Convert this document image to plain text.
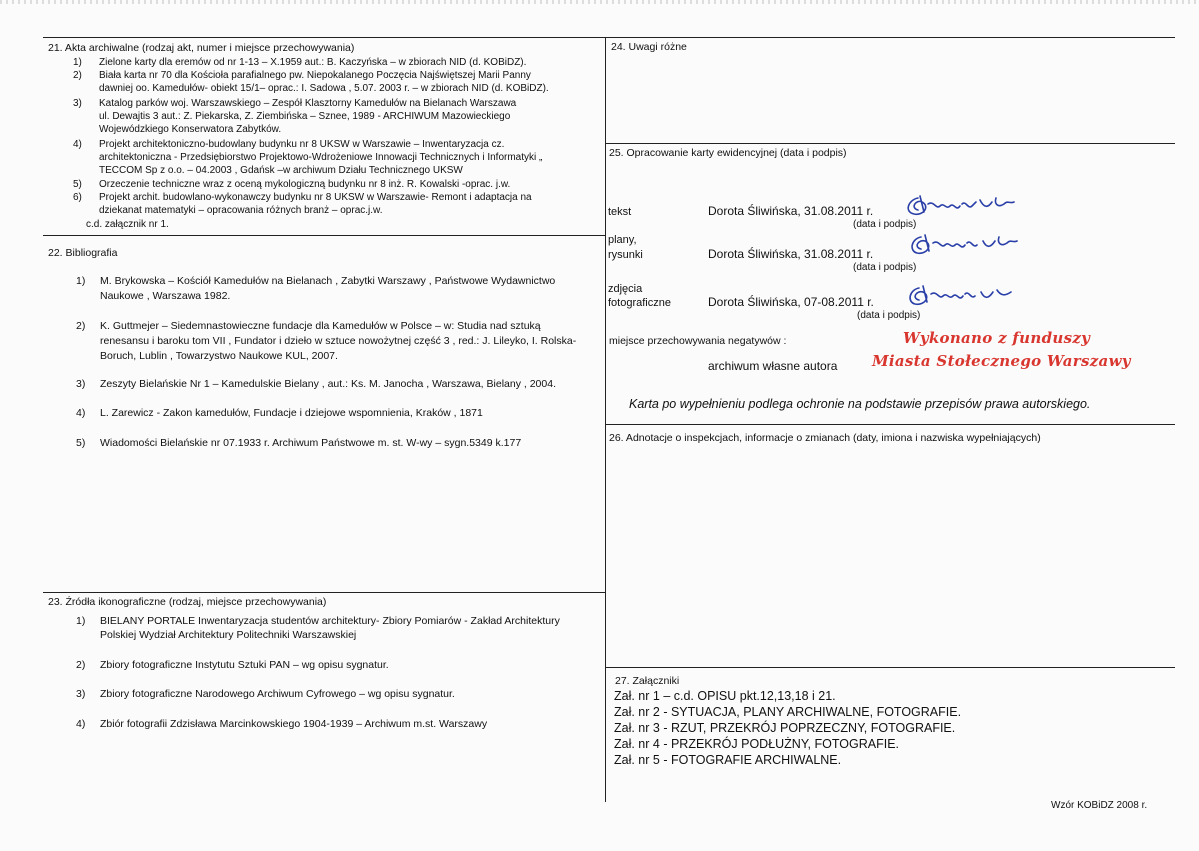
21. Akta archiwalne (rodzaj akt, numer i miejsce przechowywania)
1) Zielone karty dla eremów od nr 1-13 – X.1959 aut.: B. Kaczyńska – w zbiorach NID (d. KOBiDZ).
2) Biała karta nr 70 dla Kościoła parafialnego pw. Niepokalanego Poczęcia Najświętszej Marii Panny
dawniej oo. Kamedułów- obiekt 15/1– oprac.: I. Sadowa , 5.07. 2003 r. – w zbiorach NID (d. KOBiDZ).
3) Katalog parków woj. Warszawskiego – Zespół Klasztorny Kamedułów na Bielanach Warszawa
ul. Dewajtis 3 aut.: Z. Piekarska, Z. Ziembińska – Sznee, 1989 - ARCHIWUM Mazowieckiego
Wojewódzkiego Konserwatora Zabytków.
4) Projekt architektoniczno-budowlany budynku nr 8 UKSW w Warszawie – Inwentaryzacja cz.
architektoniczna - Przedsiębiorstwo Projektowo-Wdrożeniowe Innowacji Technicznych i Informatyki „
TECCOM Sp z o.o. – 04.2003 , Gdańsk –w archiwum Działu Technicznego UKSW
5) Orzeczenie techniczne wraz z oceną mykologiczną budynku nr 8 inż. R. Kowalski -oprac. j.w.
6) Projekt archit. budowlano-wykonawczy budynku nr 8 UKSW w Warszawie- Remont i adaptacja na
dziekanat matematyki – opracowania różnych branż – oprac.j.w.
c.d. załącznik nr 1.
22. Bibliografia
1) M. Brykowska – Kościół Kamedułów na Bielanach , Zabytki Warszawy , Państwowe Wydawnictwo
Naukowe , Warszawa 1982.
2) K. Guttmejer – Siedemnastowieczne fundacje dla Kamedułów w Polsce – w: Studia nad sztuką
renesansu i baroku tom VII , Fundator i dzieło w sztuce nowożytnej część 3 , red.: J. Lileyko, I. Rolska-
Boruch, Lublin , Towarzystwo Naukowe KUL, 2007.
3) Zeszyty Bielańskie Nr 1 – Kamedulskie Bielany , aut.: Ks. M. Janocha , Warszawa, Bielany , 2004.
4) L. Zarewicz - Zakon kamedułów, Fundacje i dziejowe wspomnienia, Kraków , 1871
5) Wiadomości Bielańskie nr 07.1933 r. Archiwum Państwowe m. st. W-wy – sygn.5349 k.177
23. Źródła ikonograficzne (rodzaj, miejsce przechowywania)
1) BIELANY PORTALE Inwentaryzacja studentów architektury- Zbiory Pomiarów - Zakład Architektury
Polskiej Wydział Architektury Politechniki Warszawskiej
2) Zbiory fotograficzne Instytutu Sztuki PAN – wg opisu sygnatur.
3) Zbiory fotograficzne Narodowego Archiwum Cyfrowego – wg opisu sygnatur.
4) Zbiór fotografii Zdzisława Marcinkowskiego 1904-1939 – Archiwum m.st. Warszawy
24. Uwagi różne
25. Opracowanie karty ewidencyjnej (data i podpis)
tekst	Dorota Śliwińska, 31.08.2011 r.
(data i podpis)
plany,
rysunki	Dorota Śliwińska, 31.08.2011 r.
(data i podpis)
zdjęcia
fotograficzne	Dorota Śliwińska, 07-08.2011 r.
(data i podpis)
miejsce przechowywania negatywów :
archiwum własne autora
Wykonano z funduszy
Miasta Stołecznego Warszawy
Karta po wypełnieniu podlega ochronie na podstawie przepisów prawa autorskiego.
26. Adnotacje o inspekcjach, informacje o zmianach (daty, imiona i nazwiska wypełniających)
27. Załączniki
Zał. nr 1 – c.d. OPISU pkt.12,13,18 i 21.
Zał. nr 2 - SYTUACJA, PLANY ARCHIWALNE, FOTOGRAFIE.
Zał. nr 3 - RZUT, PRZEKRÓJ POPRZECZNY, FOTOGRAFIE.
Zał. nr 4 - PRZEKRÓJ PODŁUŻNY, FOTOGRAFIE.
Zał. nr 5 - FOTOGRAFIE ARCHIWALNE.
Wzór KOBiDZ 2008 r.
